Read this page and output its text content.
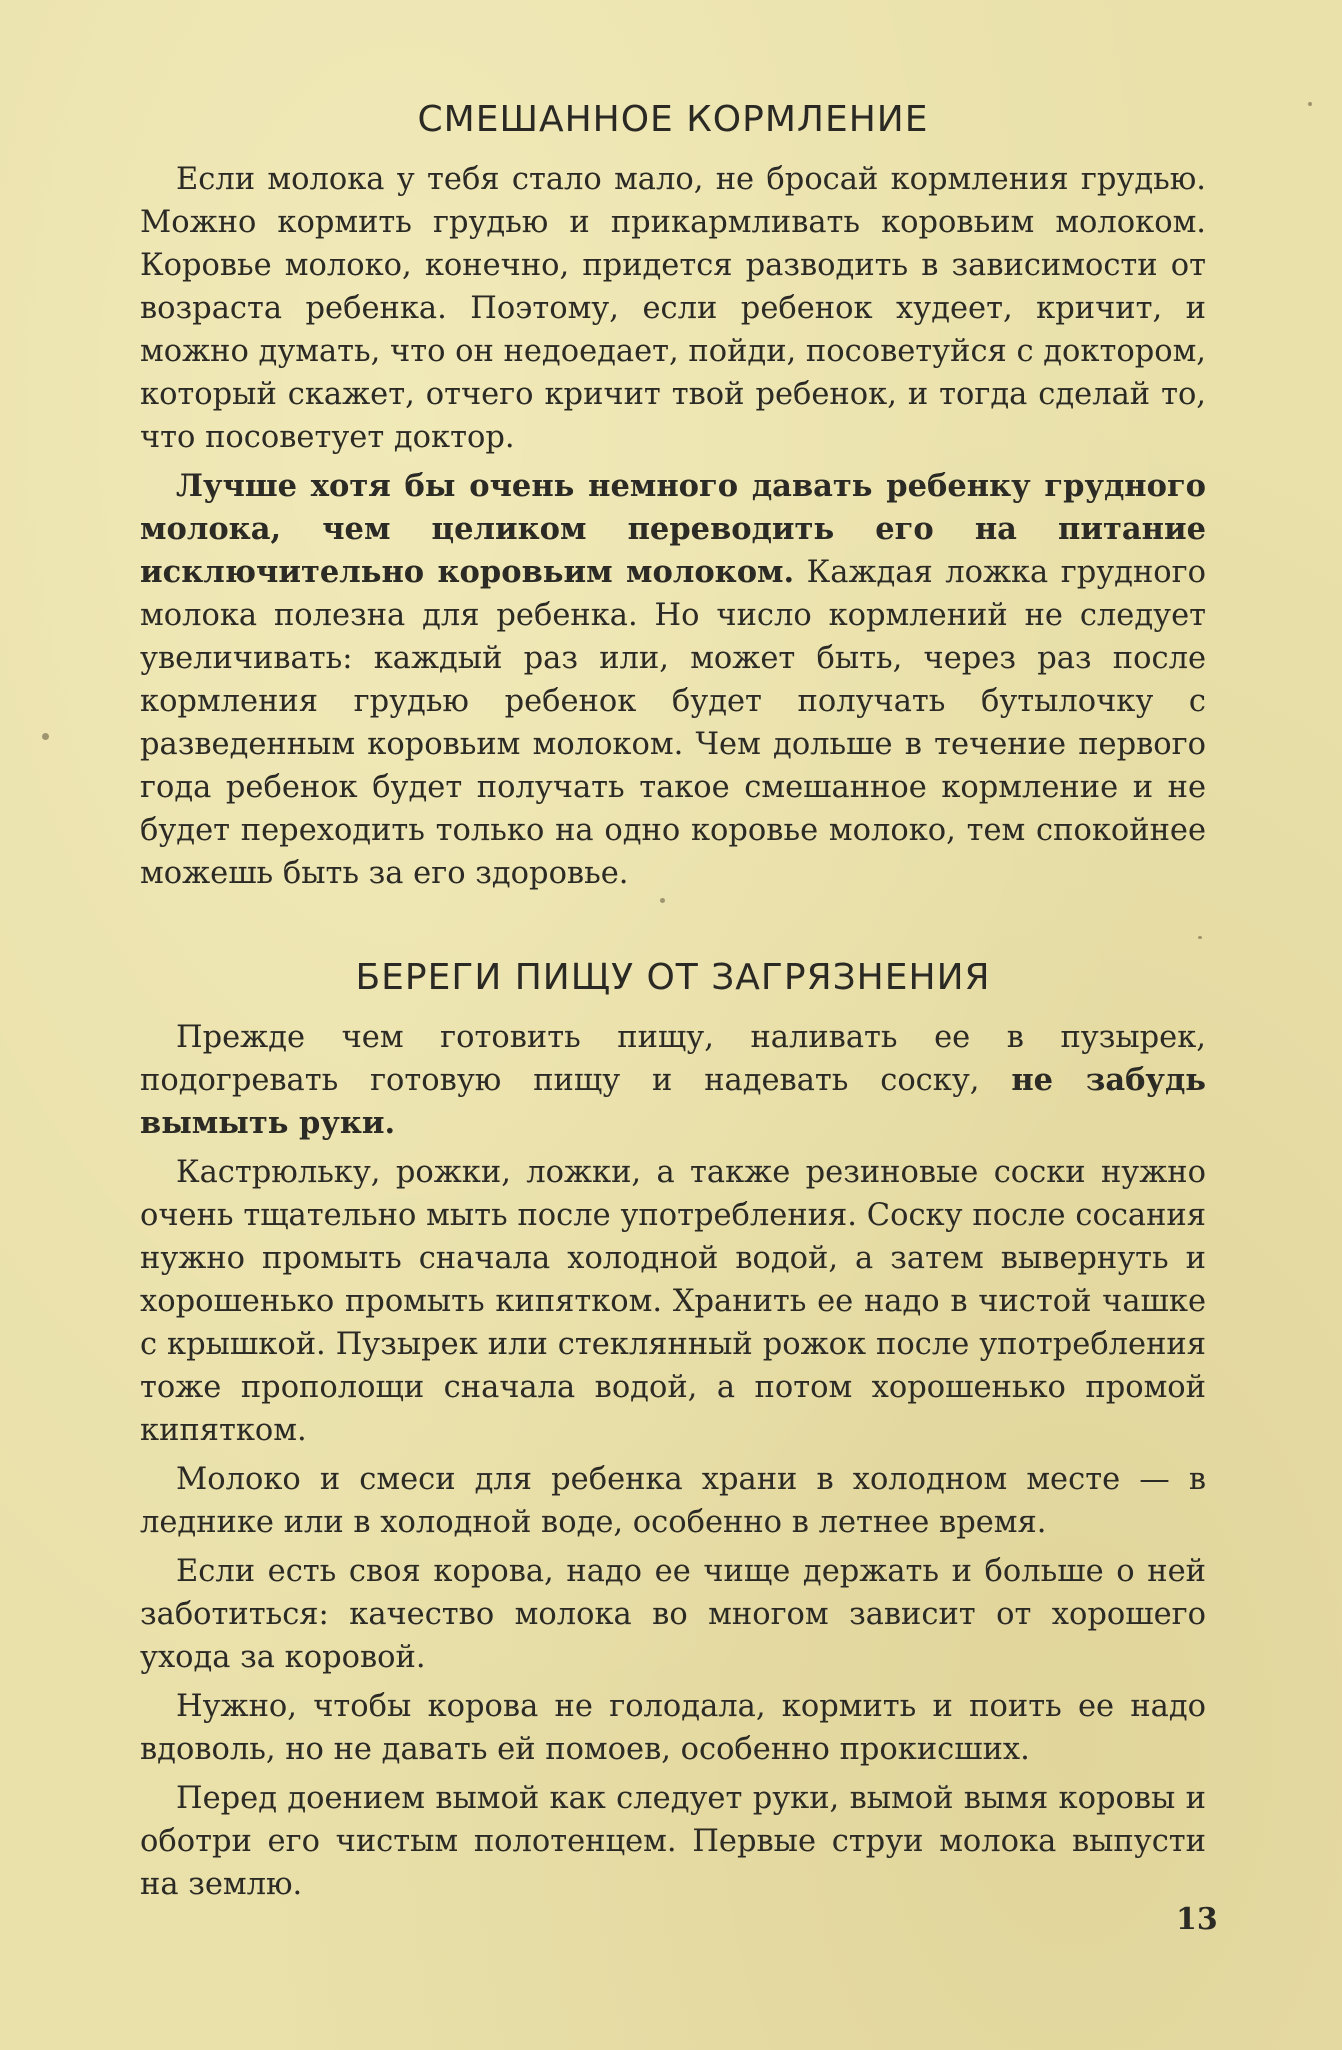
СМЕШАННОЕ КОРМЛЕНИЕ

Если молока у тебя стало мало, не бросай кормления грудью. Можно кормить грудью и прикармливать коровьим молоком. Коровье молоко, конечно, придется разводить в зависимости от возраста ребенка. Поэтому, если ребенок худеет, кричит, и можно думать, что он недоедает, пойди, посоветуйся с доктором, который скажет, отчего кричит твой ребенок, и тогда сделай то, что посоветует доктор.

Лучше хотя бы очень немного давать ребенку грудного молока, чем целиком переводить его на питание исключительно коровьим молоком. Каждая ложка грудного молока полезна для ребенка. Но число кормлений не следует увеличивать: каждый раз или, может быть, через раз после кормления грудью ребенок будет получать бутылочку с разведенным коровьим молоком. Чем дольше в течение первого года ребенок будет получать такое смешанное кормление и не будет переходить только на одно коровье молоко, тем спокойнее можешь быть за его здоровье.

БЕРЕГИ ПИЩУ ОТ ЗАГРЯЗНЕНИЯ

Прежде чем готовить пищу, наливать ее в пузырек, подогревать готовую пищу и надевать соску, не забудь вымыть руки.

Кастрюльку, рожки, ложки, а также резиновые соски нужно очень тщательно мыть после употребления. Соску после сосания нужно промыть сначала холодной водой, а затем вывернуть и хорошенько промыть кипятком. Хранить ее надо в чистой чашке с крышкой. Пузырек или стеклянный рожок после употребления тоже прополощи сначала водой, а потом хорошенько промой кипятком.

Молоко и смеси для ребенка храни в холодном месте — в леднике или в холодной воде, особенно в летнее время.

Если есть своя корова, надо ее чище держать и больше о ней заботиться: качество молока во многом зависит от хорошего ухода за коровой.

Нужно, чтобы корова не голодала, кормить и поить ее надо вдоволь, но не давать ей помоев, особенно прокисших.

Перед доением вымой как следует руки, вымой вымя коровы и оботри его чистым полотенцем. Первые струи молока выпусти на землю.

13
